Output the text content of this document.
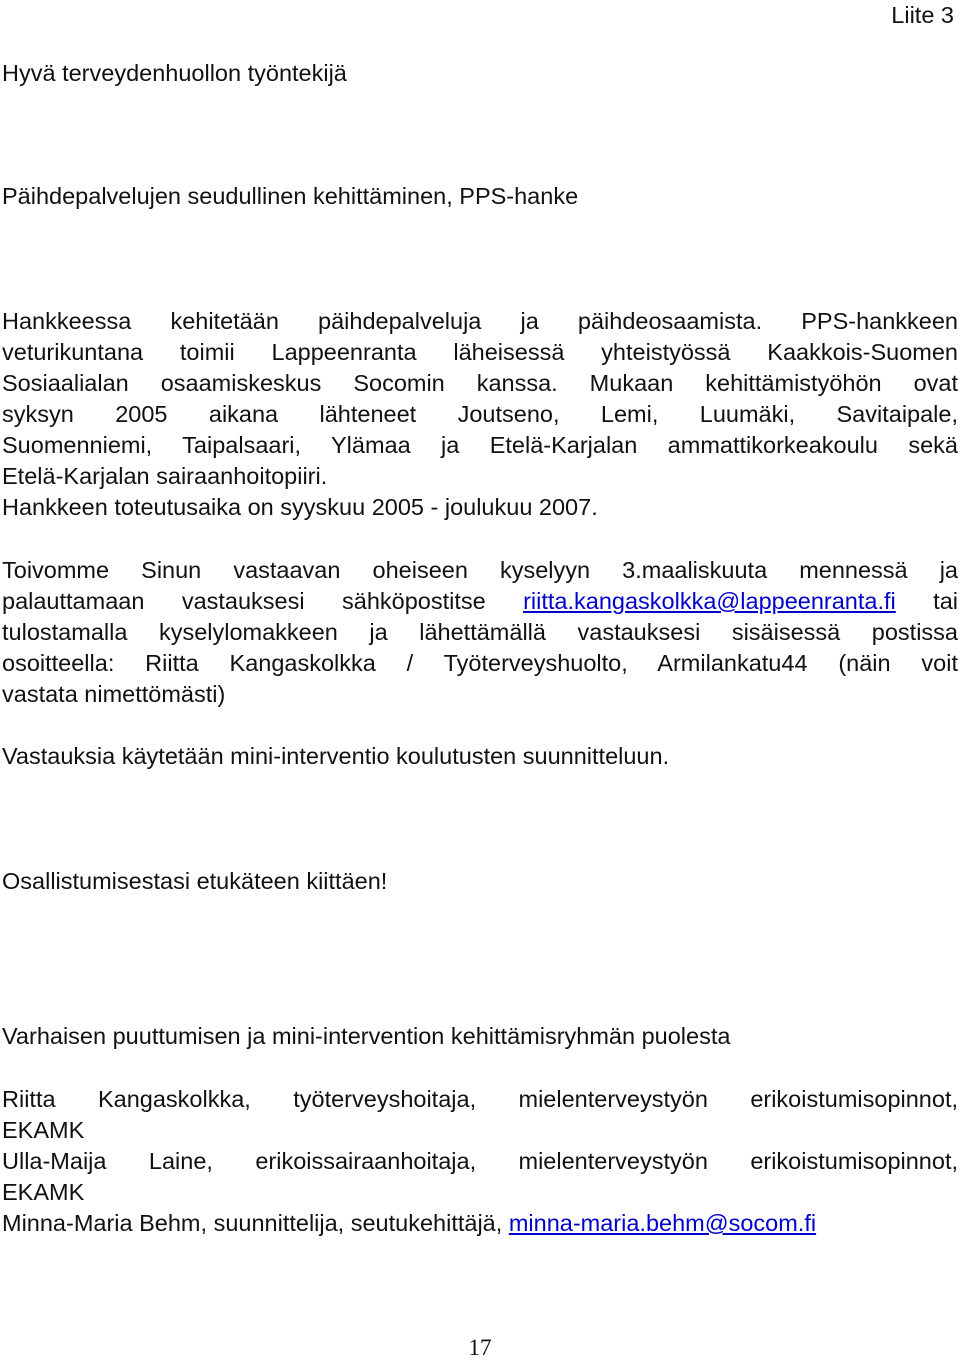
Liite 3
Hyvä terveydenhuollon työntekijä
Päihdepalvelujen seudullinen kehittäminen, PPS-hanke
Hankkeessa kehitetään päihdepalveluja ja päihdeosaamista. PPS-hankkeen
veturikuntana toimii Lappeenranta läheisessä yhteistyössä Kaakkois-Suomen
Sosiaalialan osaamiskeskus Socomin kanssa. Mukaan kehittämistyöhön ovat
syksyn 2005 aikana lähteneet Joutseno, Lemi, Luumäki, Savitaipale,
Suomenniemi, Taipalsaari, Ylämaa ja Etelä-Karjalan ammattikorkeakoulu sekä
Etelä-Karjalan sairaanhoitopiiri.
Hankkeen toteutusaika on syyskuu 2005 - joulukuu 2007.
Toivomme Sinun vastaavan oheiseen kyselyyn 3.maaliskuuta mennessä ja
palauttamaan vastauksesi sähköpostitse riitta.kangaskolkka@lappeenranta.fi tai
tulostamalla kyselylomakkeen ja lähettämällä vastauksesi sisäisessä postissa
osoitteella: Riitta Kangaskolkka / Työterveyshuolto, Armilankatu44 (näin voit
vastata nimettömästi)
Vastauksia käytetään mini-interventio koulutusten suunnitteluun.
Osallistumisestasi etukäteen kiittäen!
Varhaisen puuttumisen ja mini-intervention kehittämisryhmän puolesta
Riitta Kangaskolkka, työterveyshoitaja, mielenterveystyön erikoistumisopinnot,
EKAMK
Ulla-Maija Laine, erikoissairaanhoitaja, mielenterveystyön erikoistumisopinnot,
EKAMK
Minna-Maria Behm, suunnittelija, seutukehittäjä, minna-maria.behm@socom.fi
17
